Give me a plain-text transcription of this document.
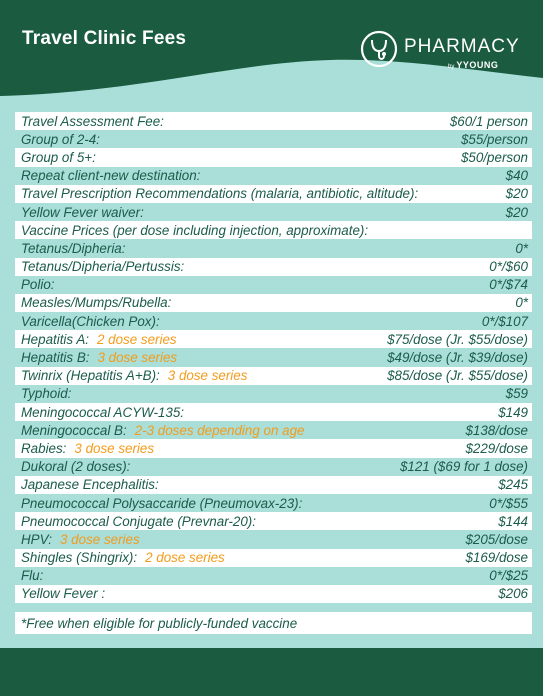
Travel Clinic Fees	PHARMACY
by YYOUNG
Travel Assessment Fee:	$60/1 person
Group of 2-4:	$55/person
Group of 5+:	$50/person
Repeat client-new destination:	$40
Travel Prescription Recommendations (malaria, antibiotic, altitude):	$20
Yellow Fever waiver:	$20
Vaccine Prices (per dose including injection, approximate):
Tetanus/Dipheria:	0*
Tetanus/Dipheria/Pertussis:	0*/$60
Polio:	0*/$74
Measles/Mumps/Rubella:	0*
Varicella(Chicken Pox):	0*/$107
Hepatitis A: 2 dose series	$75/dose (Jr. $55/dose)
Hepatitis B: 3 dose series	$49/dose (Jr. $39/dose)
Twinrix (Hepatitis A+B): 3 dose series	$85/dose (Jr. $55/dose)
Typhoid:	$59
Meningococcal ACYW-135:	$149
Meningococcal B: 2-3 doses depending on age	$138/dose
Rabies: 3 dose series	$229/dose
Dukoral (2 doses):	$121 ($69 for 1 dose)
Japanese Encephalitis:	$245
Pneumococcal Polysaccaride (Pneumovax-23):	0*/$55
Pneumococcal Conjugate (Prevnar-20):	$144
HPV: 3 dose series	$205/dose
Shingles (Shingrix): 2 dose series	$169/dose
Flu:	0*/$25
Yellow Fever :	$206
*Free when eligible for publicly-funded vaccine
